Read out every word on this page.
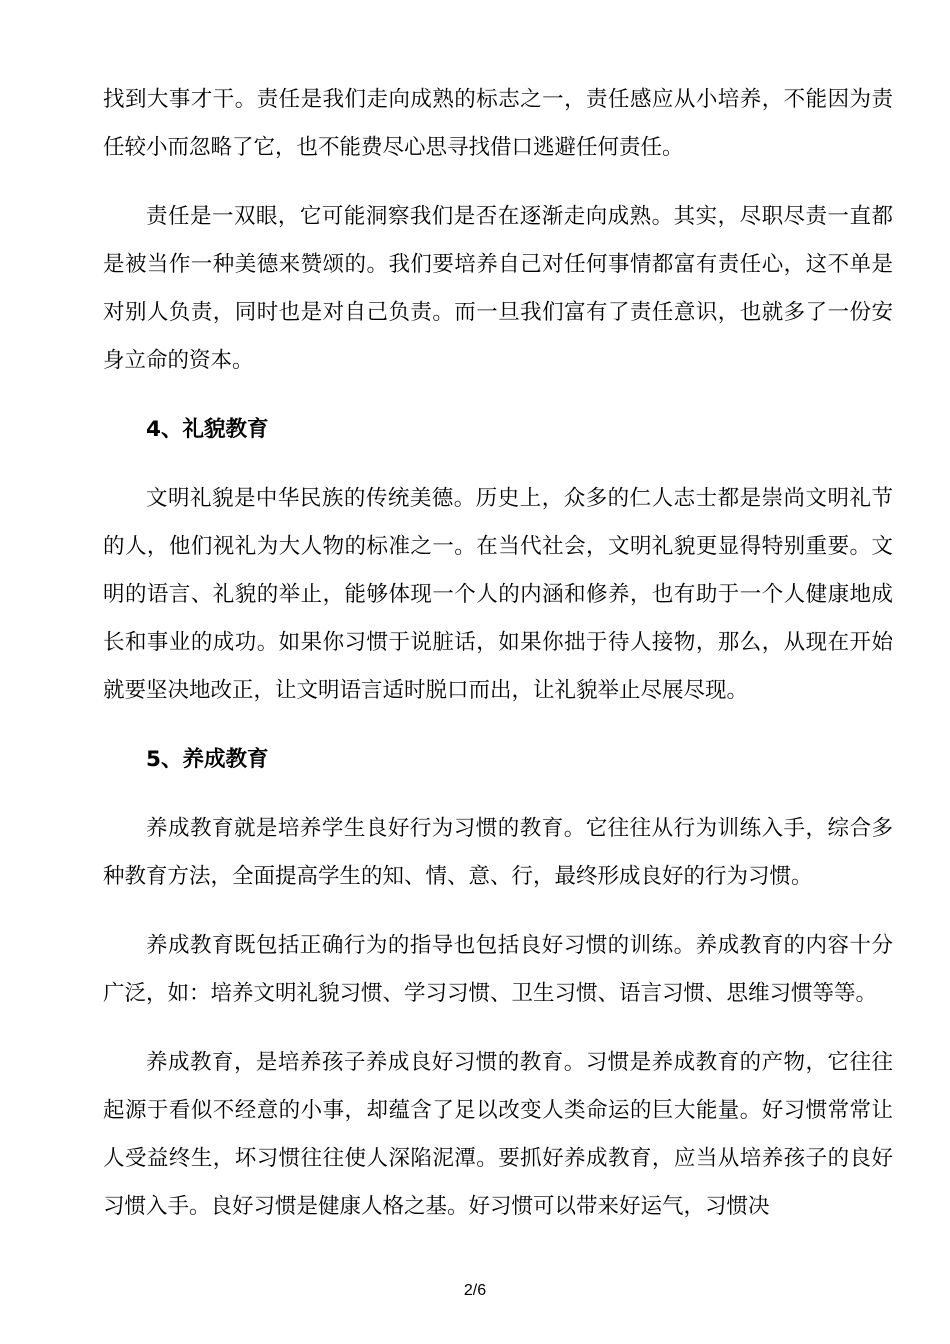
找到大事才干。责任是我们走向成熟的标志之一，责任感应从小培养，不能因为责任较小而忽略了它，也不能费尽心思寻找借口逃避任何责任。

责任是一双眼，它可能洞察我们是否在逐渐走向成熟。其实，尽职尽责一直都是被当作一种美德来赞颂的。我们要培养自己对任何事情都富有责任心，这不单是对别人负责，同时也是对自己负责。而一旦我们富有了责任意识，也就多了一份安身立命的资本。

4、礼貌教育

文明礼貌是中华民族的传统美德。历史上，众多的仁人志士都是崇尚文明礼节的人，他们视礼为大人物的标准之一。在当代社会，文明礼貌更显得特别重要。文明的语言、礼貌的举止，能够体现一个人的内涵和修养，也有助于一个人健康地成长和事业的成功。如果你习惯于说脏话，如果你拙于待人接物，那么，从现在开始就要坚决地改正，让文明语言适时脱口而出，让礼貌举止尽展尽现。

5、养成教育

养成教育就是培养学生良好行为习惯的教育。它往往从行为训练入手，综合多种教育方法，全面提高学生的知、情、意、行，最终形成良好的行为习惯。

养成教育既包括正确行为的指导也包括良好习惯的训练。养成教育的内容十分广泛，如：培养文明礼貌习惯、学习习惯、卫生习惯、语言习惯、思维习惯等等。

养成教育，是培养孩子养成良好习惯的教育。习惯是养成教育的产物，它往往起源于看似不经意的小事，却蕴含了足以改变人类命运的巨大能量。好习惯常常让人受益终生，坏习惯往往使人深陷泥潭。要抓好养成教育，应当从培养孩子的良好习惯入手。良好习惯是健康人格之基。好习惯可以带来好运气，习惯决

2/6
